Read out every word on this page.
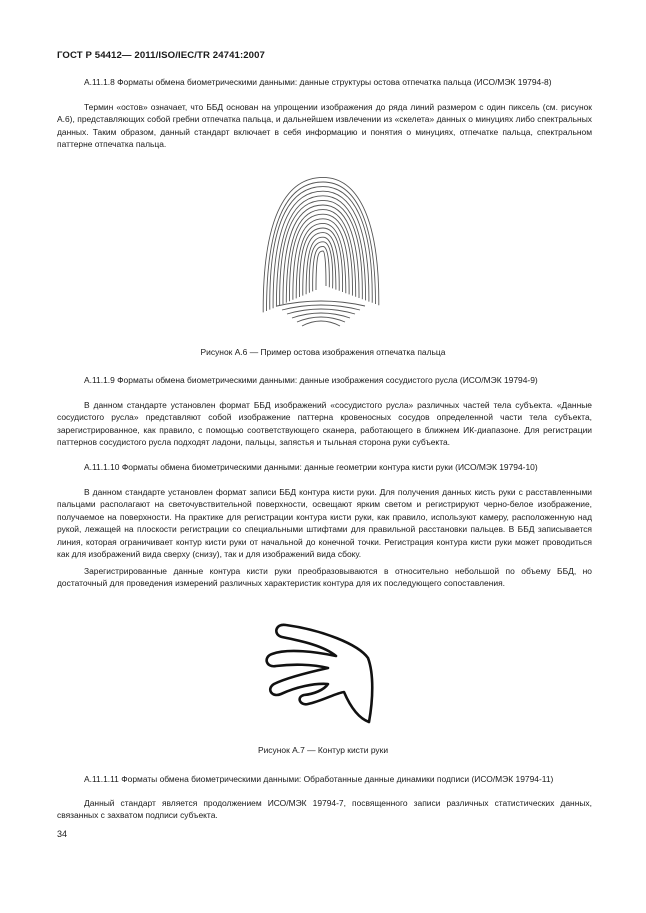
ГОСТ Р 54412— 2011/ISO/IEC/TR 24741:2007

А.11.1.8 Форматы обмена биометрическими данными: данные структуры остова отпечатка пальца (ИСО/МЭК 19794-8)

Термин «остов» означает, что ББД основан на упрощении изображения до ряда линий размером с один пиксель (см. рисунок А.6), представляющих собой гребни отпечатка пальца, и дальнейшем извлечении из «скелета» данных о минуциях либо спектральных данных. Таким образом, данный стандарт включает в себя информацию и понятия о минуциях, отпечатке пальца, спектральном паттерне отпечатка пальца.

Рисунок А.6 — Пример остова изображения отпечатка пальца

А.11.1.9 Форматы обмена биометрическими данными: данные изображения сосудистого русла (ИСО/МЭК 19794-9)

В данном стандарте установлен формат ББД изображений «сосудистого русла» различных частей тела субъекта. «Данные сосудистого русла» представляют собой изображение паттерна кровеносных сосудов определенной части тела субъекта, зарегистрированное, как правило, с помощью соответствующего сканера, работающего в ближнем ИК-диапазоне. Для регистрации паттернов сосудистого русла подходят ладони, пальцы, запястья и тыльная сторона руки субъекта.

А.11.1.10 Форматы обмена биометрическими данными: данные геометрии контура кисти руки (ИСО/МЭК 19794-10)

В данном стандарте установлен формат записи ББД контура кисти руки. Для получения данных кисть руки с расставленными пальцами располагают на светочувствительной поверхности, освещают ярким светом и регистрируют черно-белое изображение, получаемое на поверхности. На практике для регистрации контура кисти руки, как правило, используют камеру, расположенную над рукой, лежащей на плоскости регистрации со специальными штифтами для правильной расстановки пальцев. В ББД записывается линия, которая ограничивает контур кисти руки от начальной до конечной точки. Регистрация контура кисти руки может проводиться как для изображений вида сверху (снизу), так и для изображений вида сбоку.

Зарегистрированные данные контура кисти руки преобразовываются в относительно небольшой по объему ББД, но достаточный для проведения измерений различных характеристик контура для их последующего сопоставления.

Рисунок А.7 — Контур кисти руки

А.11.1.11 Форматы обмена биометрическими данными: Обработанные данные динамики подписи (ИСО/МЭК 19794-11)

Данный стандарт является продолжением ИСО/МЭК 19794-7, посвященного записи различных статистических данных, связанных с захватом подписи субъекта.

34
